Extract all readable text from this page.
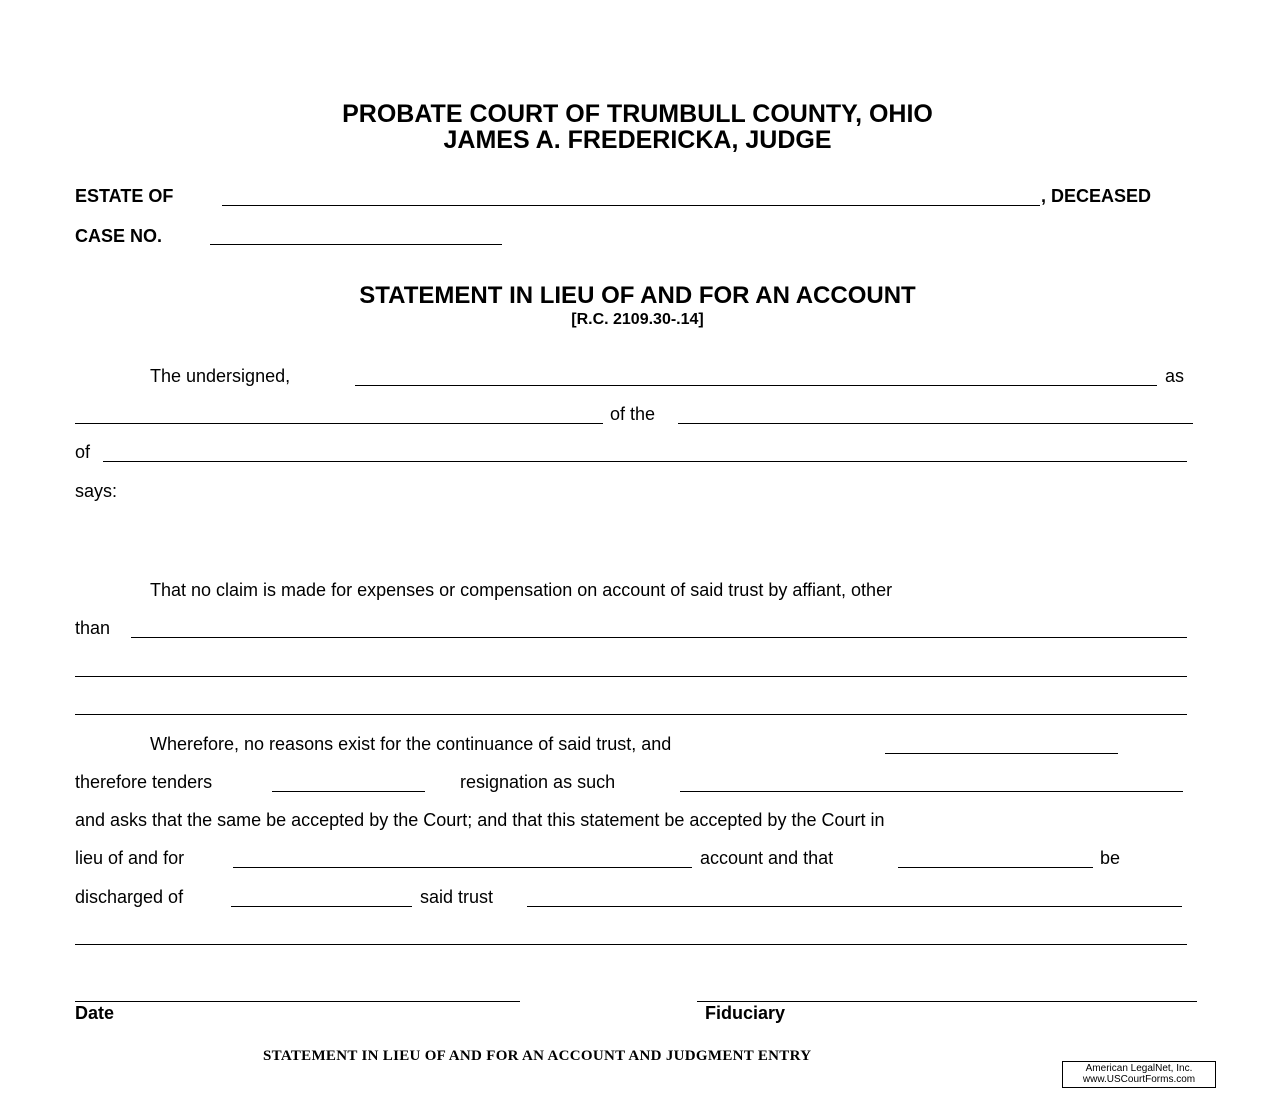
PROBATE COURT OF TRUMBULL COUNTY, OHIO
JAMES A. FREDERICKA, JUDGE
ESTATE OF	, DECEASED
CASE NO.
STATEMENT IN LIEU OF AND FOR AN ACCOUNT
[R.C. 2109.30-.14]
The undersigned,	as
of the
of
says:
That no claim is made for expenses or compensation on account of said trust by affiant, other
than
Wherefore, no reasons exist for the continuance of said trust, and
therefore tenders	resignation as such
and asks that the same be accepted by the Court; and that this statement be accepted by the Court in
lieu of and for	account and that	be
discharged of	said trust
Date	Fiduciary
STATEMENT IN LIEU OF AND FOR AN ACCOUNT AND JUDGMENT ENTRY
American LegalNet, Inc.
www.USCourtForms.com
